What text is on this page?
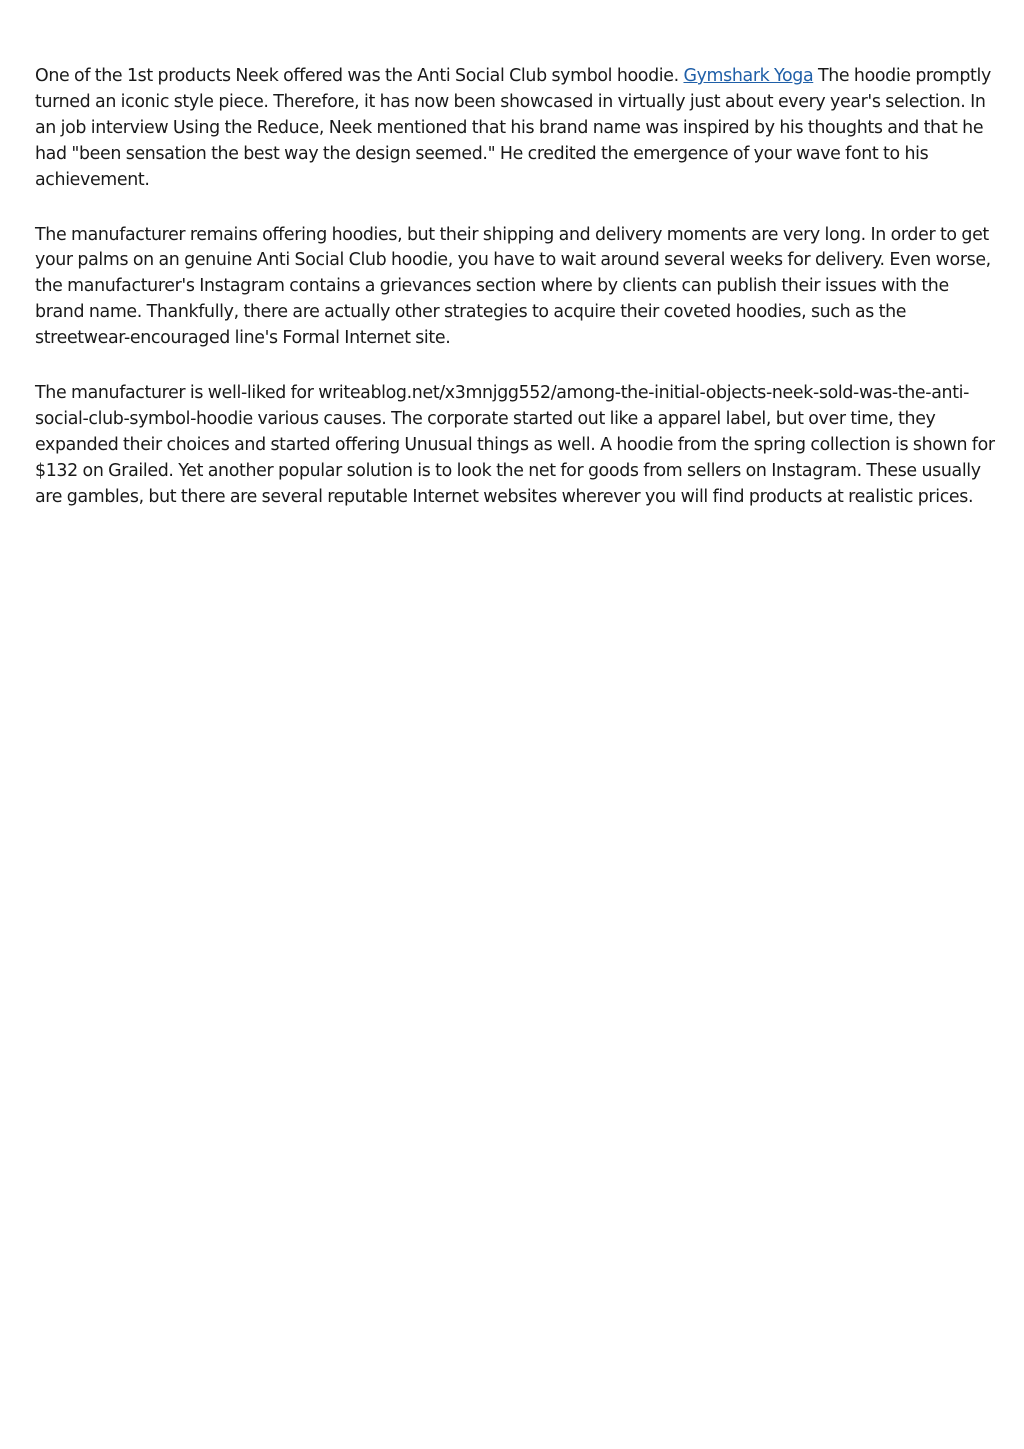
One of the 1st products Neek offered was the Anti Social Club symbol hoodie. Gymshark Yoga The hoodie promptly turned an iconic style piece. Therefore, it has now been showcased in virtually just about every year's selection. In an job interview Using the Reduce, Neek mentioned that his brand name was inspired by his thoughts and that he had "been sensation the best way the design seemed." He credited the emergence of your wave font to his achievement.

The manufacturer remains offering hoodies, but their shipping and delivery moments are very long. In order to get your palms on an genuine Anti Social Club hoodie, you have to wait around several weeks for delivery. Even worse, the manufacturer's Instagram contains a grievances section where by clients can publish their issues with the brand name. Thankfully, there are actually other strategies to acquire their coveted hoodies, such as the streetwear-encouraged line's Formal Internet site.

The manufacturer is well-liked for writeablog.net/x3mnjgg552/among-the-initial-objects-neek-sold-was-the-anti-social-club-symbol-hoodie various causes. The corporate started out like a apparel label, but over time, they expanded their choices and started offering Unusual things as well. A hoodie from the spring collection is shown for $132 on Grailed. Yet another popular solution is to look the net for goods from sellers on Instagram. These usually are gambles, but there are several reputable Internet websites wherever you will find products at realistic prices.
